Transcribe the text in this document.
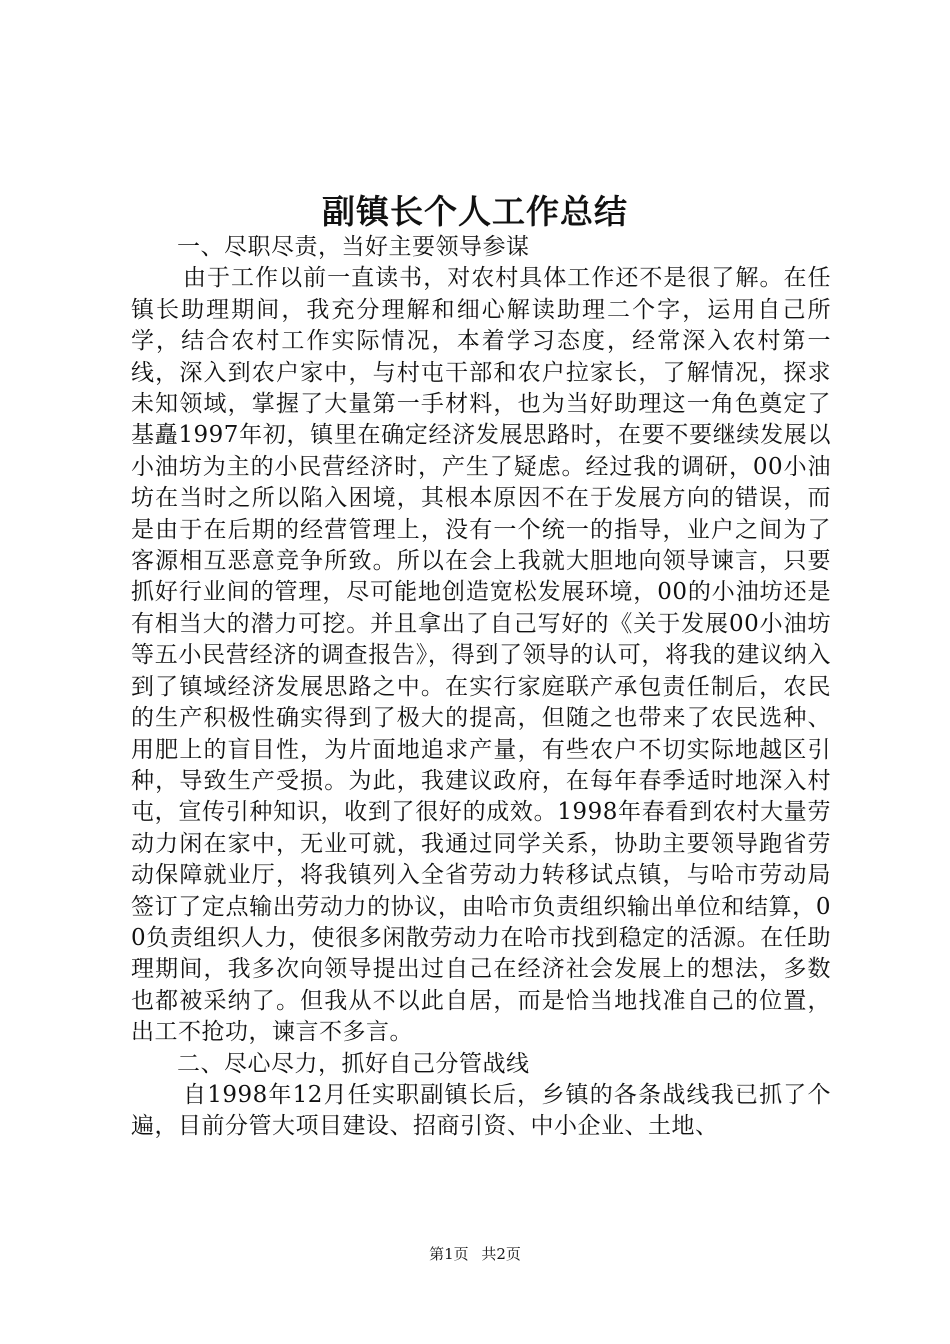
副镇长个人工作总结

一、尽职尽责，当好主要领导参谋

由于工作以前一直读书，对农村具体工作还不是很了解。在任镇长助理期间，我充分理解和细心解读助理二个字，运用自己所学，结合农村工作实际情况，本着学习态度，经常深入农村第一线，深入到农户家中，与村屯干部和农户拉家长，了解情况，探求未知领域，掌握了大量第一手材料，也为当好助理这一角色奠定了基矗1997年初，镇里在确定经济发展思路时，在要不要继续发展以小油坊为主的小民营经济时，产生了疑虑。经过我的调研，00小油坊在当时之所以陷入困境，其根本原因不在于发展方向的错误，而是由于在后期的经营管理上，没有一个统一的指导，业户之间为了客源相互恶意竞争所致。所以在会上我就大胆地向领导谏言，只要抓好行业间的管理，尽可能地创造宽松发展环境，00的小油坊还是有相当大的潜力可挖。并且拿出了自己写好的《关于发展00小油坊等五小民营经济的调查报告》，得到了领导的认可，将我的建议纳入到了镇域经济发展思路之中。在实行家庭联产承包责任制后，农民的生产积极性确实得到了极大的提高，但随之也带来了农民选种、用肥上的盲目性，为片面地追求产量，有些农户不切实际地越区引种，导致生产受损。为此，我建议政府，在每年春季适时地深入村屯，宣传引种知识，收到了很好的成效。1998年春看到农村大量劳动力闲在家中，无业可就，我通过同学关系，协助主要领导跑省劳动保障就业厅，将我镇列入全省劳动力转移试点镇，与哈市劳动局签订了定点输出劳动力的协议，由哈市负责组织输出单位和结算，00负责组织人力，使很多闲散劳动力在哈市找到稳定的活源。在任助理期间，我多次向领导提出过自己在经济社会发展上的想法，多数也都被采纳了。但我从不以此自居，而是恰当地找准自己的位置，出工不抢功，谏言不多言。

二、尽心尽力，抓好自己分管战线

自1998年12月任实职副镇长后，乡镇的各条战线我已抓了个遍，目前分管大项目建设、招商引资、中小企业、土地、

第1页 共2页
